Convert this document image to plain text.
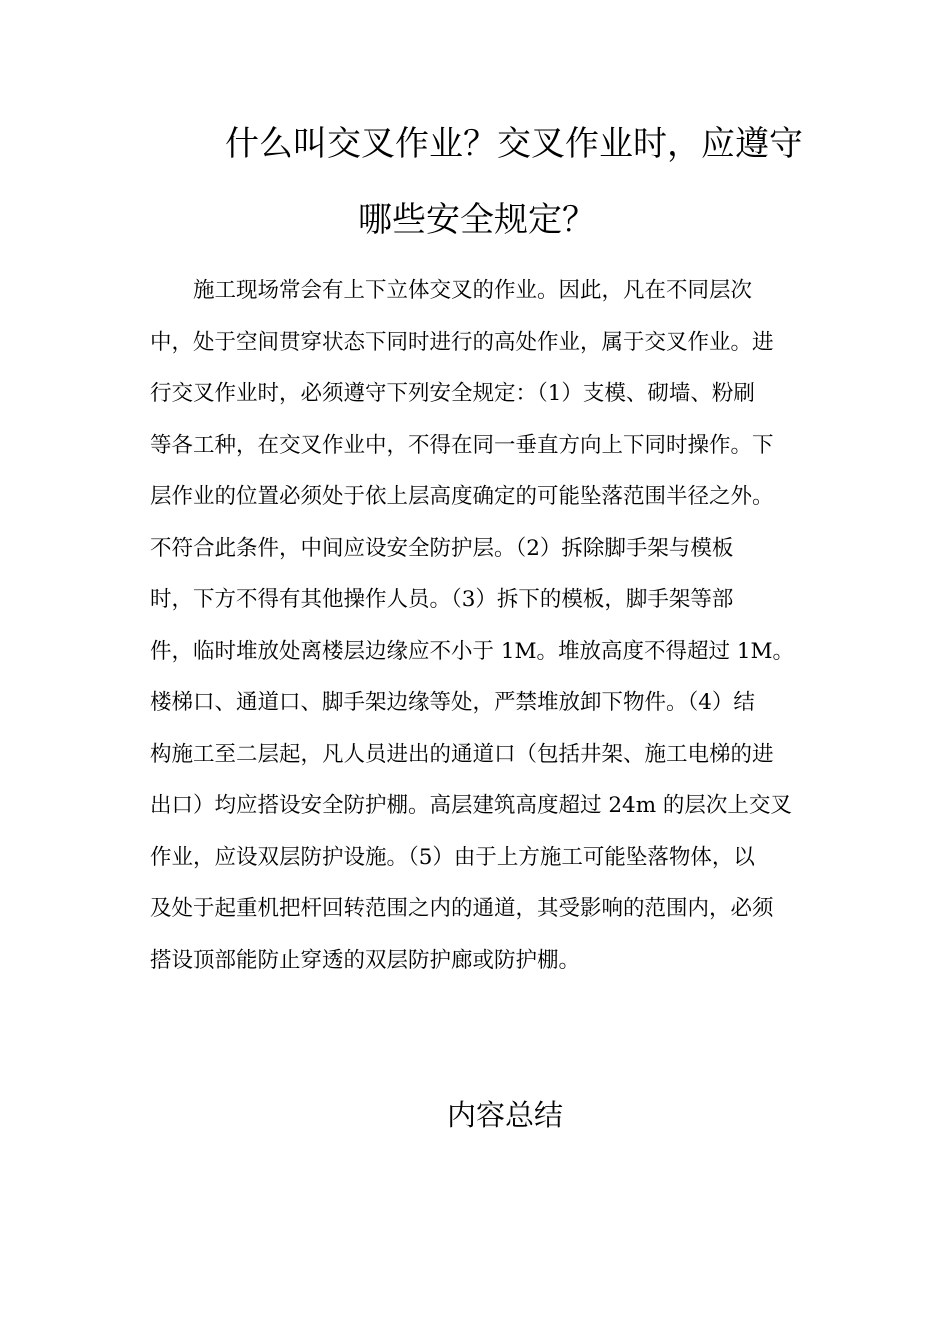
什么叫交叉作业？交叉作业时，应遵守
哪些安全规定？
施工现场常会有上下立体交叉的作业。因此，凡在不同层次
中，处于空间贯穿状态下同时进行的高处作业，属于交叉作业。进
行交叉作业时，必须遵守下列安全规定：（1）支模、砌墙、粉刷
等各工种，在交叉作业中，不得在同一垂直方向上下同时操作。下
层作业的位置必须处于依上层高度确定的可能坠落范围半径之外。
不符合此条件，中间应设安全防护层。（2）拆除脚手架与模板
时，下方不得有其他操作人员。（3）拆下的模板，脚手架等部
件，临时堆放处离楼层边缘应不小于 1M。堆放高度不得超过 1M。
楼梯口、通道口、脚手架边缘等处，严禁堆放卸下物件。（4）结
构施工至二层起，凡人员进出的通道口（包括井架、施工电梯的进
出口）均应搭设安全防护棚。高层建筑高度超过 24m 的层次上交叉
作业，应设双层防护设施。（5）由于上方施工可能坠落物体，以
及处于起重机把杆回转范围之内的通道，其受影响的范围内，必须
搭设顶部能防止穿透的双层防护廊或防护棚。
内容总结
